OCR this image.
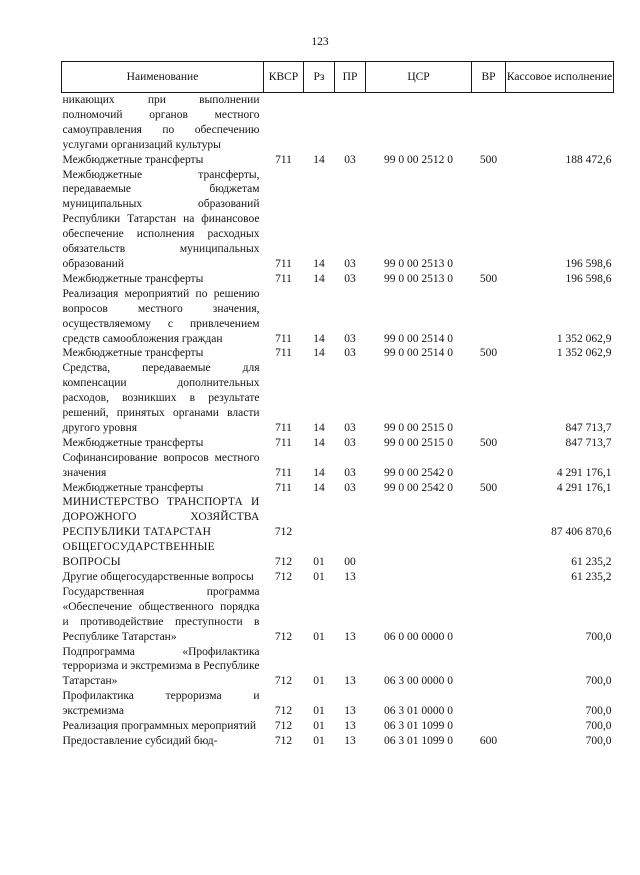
123
Наименование	КВСР	Рз	ПР	ЦСР	ВР	Кассовое исполнение
никающих при выполнении полномочий органов местного самоуправления по обеспечению услугами организаций культуры						
Межбюджетные трансферты	711	14	03	99 0 00 2512 0	500	188 472,6
Межбюджетные трансферты, передаваемые бюджетам муниципальных образований Республики Татарстан на финансовое обеспечение исполнения расходных обязательств муниципальных образований	711	14	03	99 0 00 2513 0		196 598,6
Межбюджетные трансферты	711	14	03	99 0 00 2513 0	500	196 598,6
Реализация мероприятий по решению вопросов местного значения, осуществляемому с привлечением средств самообложения граждан	711	14	03	99 0 00 2514 0		1 352 062,9
Межбюджетные трансферты	711	14	03	99 0 00 2514 0	500	1 352 062,9
Средства, передаваемые для компенсации дополнительных расходов, возникших в результате решений, принятых органами власти другого уровня	711	14	03	99 0 00 2515 0		847 713,7
Межбюджетные трансферты	711	14	03	99 0 00 2515 0	500	847 713,7
Софинансирование вопросов местного значения	711	14	03	99 0 00 2542 0		4 291 176,1
Межбюджетные трансферты	711	14	03	99 0 00 2542 0	500	4 291 176,1
МИНИСТЕРСТВО ТРАНСПОРТА И ДОРОЖНОГО ХОЗЯЙСТВА РЕСПУБЛИКИ ТАТАРСТАН	712					87 406 870,6
ОБЩЕГОСУДАРСТВЕННЫЕ ВОПРОСЫ	712	01	00			61 235,2
Другие общегосударственные вопросы	712	01	13			61 235,2
Государственная программа «Обеспечение общественного порядка и противодействие преступности в Республике Татарстан»	712	01	13	06 0 00 0000 0		700,0
Подпрограмма «Профилактика терроризма и экстремизма в Республике Татарстан»	712	01	13	06 3 00 0000 0		700,0
Профилактика терроризма и экстремизма	712	01	13	06 3 01 0000 0		700,0
Реализация программных мероприятий	712	01	13	06 3 01 1099 0		700,0
Предоставление субсидий бюд-	712	01	13	06 3 01 1099 0	600	700,0
